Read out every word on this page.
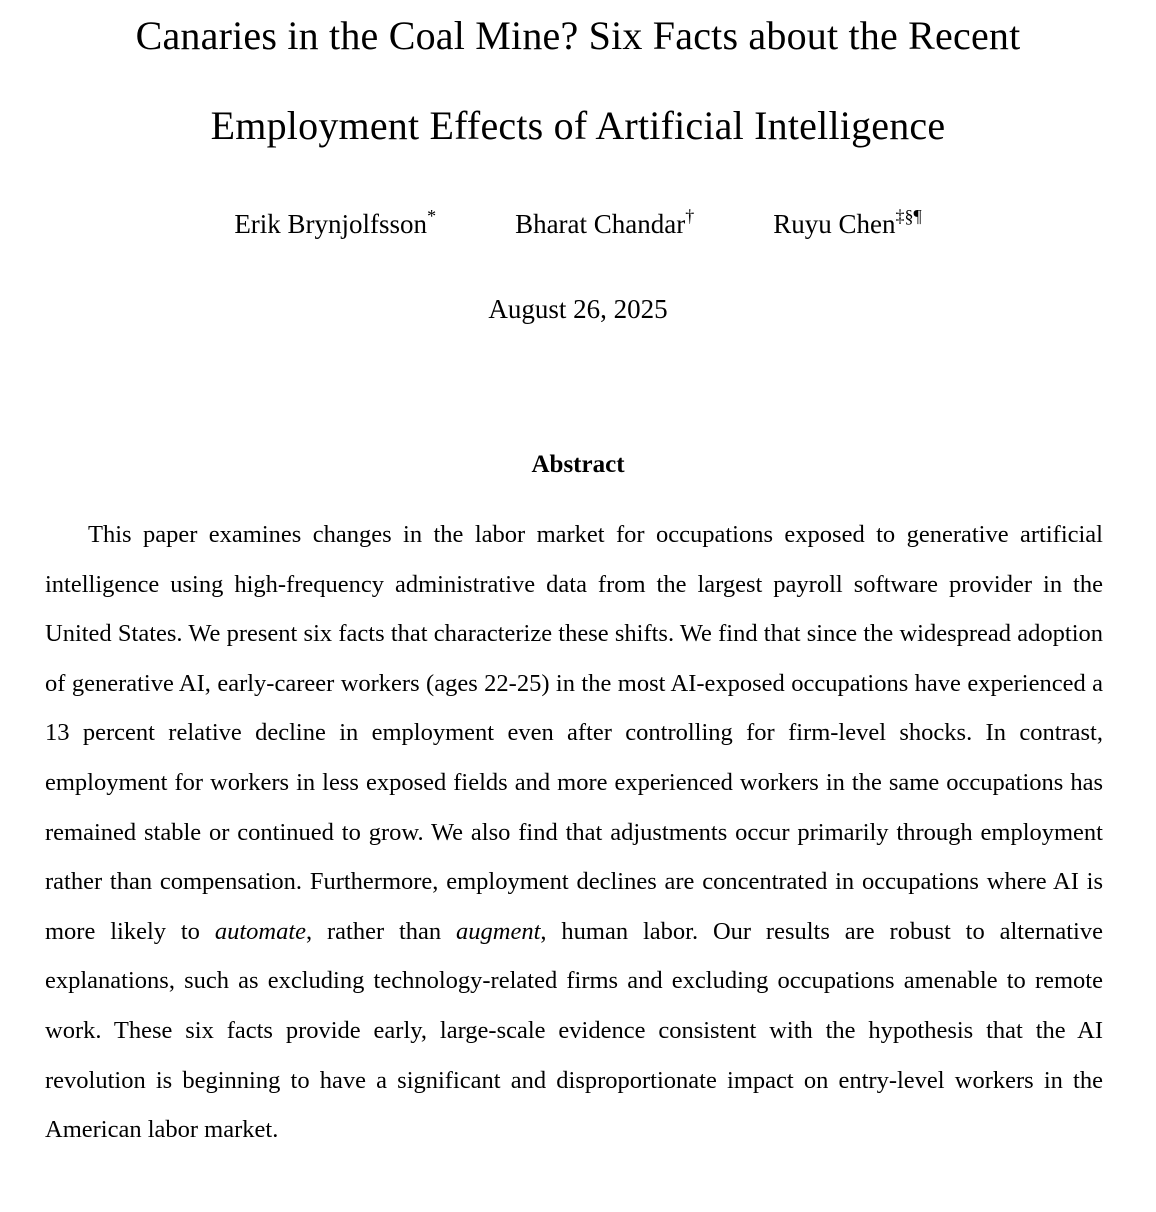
Canaries in the Coal Mine? Six Facts about the Recent
Employment Effects of Artificial Intelligence
Erik Brynjolfsson*	Bharat Chandar†	Ruyu Chen‡§¶
August 26, 2025
Abstract

This paper examines changes in the labor market for occupations exposed to generative artificial intelligence using high-frequency administrative data from the largest payroll software provider in the United States. We present six facts that characterize these shifts. We find that since the widespread adoption of generative AI, early-career workers (ages 22-25) in the most AI-exposed occupations have experienced a 13 percent relative decline in employment even after controlling for firm-level shocks. In contrast, employment for workers in less exposed fields and more experienced workers in the same occupations has remained stable or continued to grow. We also find that adjustments occur primarily through employment rather than compensation. Furthermore, employment declines are concentrated in occupations where AI is more likely to automate, rather than augment, human labor. Our results are robust to alternative explanations, such as excluding technology-related firms and excluding occupations amenable to remote work. These six facts provide early, large-scale evidence consistent with the hypothesis that the AI revolution is beginning to have a significant and disproportionate impact on entry-level workers in the American labor market.
